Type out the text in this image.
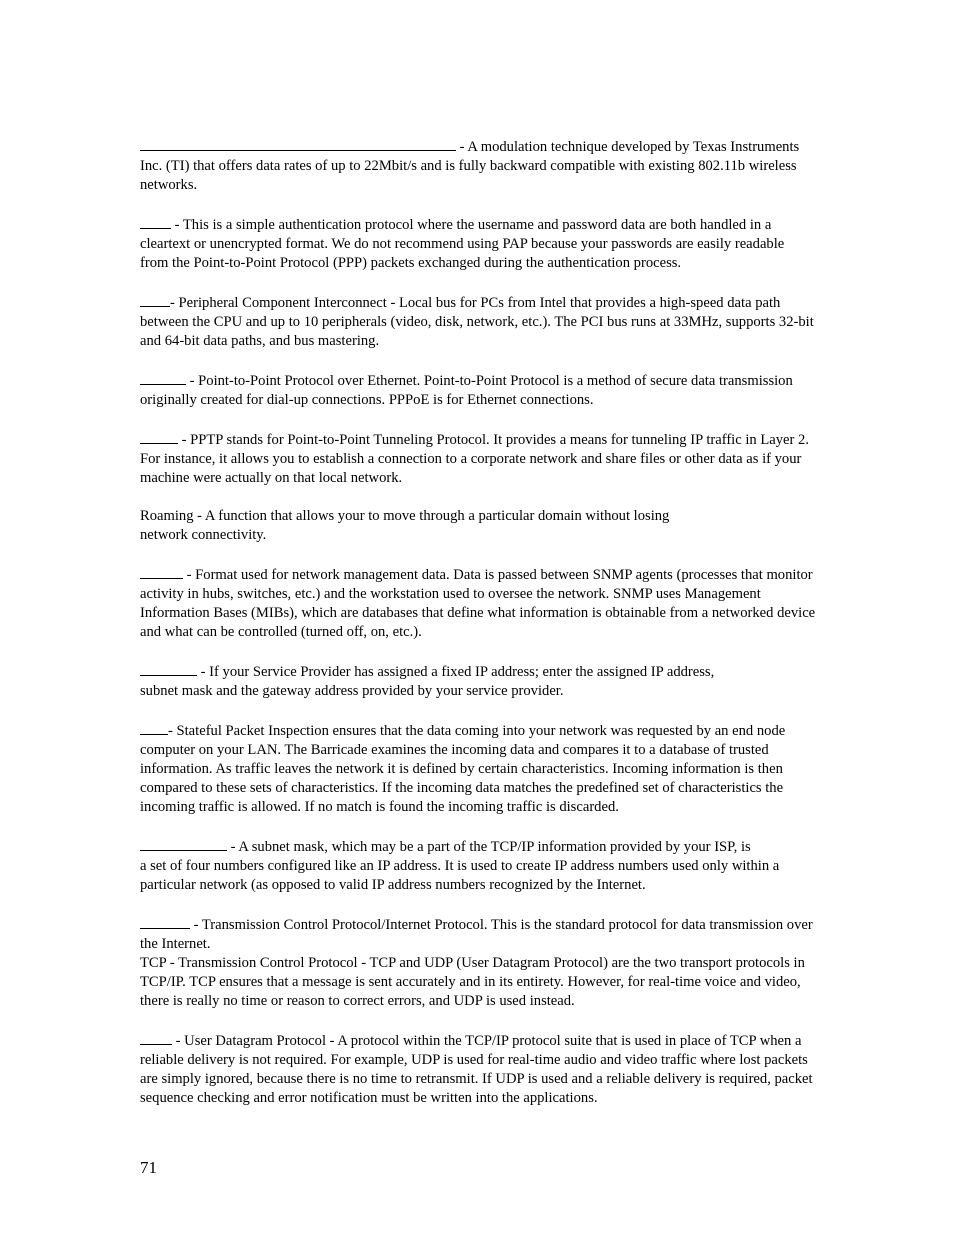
- A modulation technique developed by Texas Instruments Inc. (TI) that offers data rates of up to 22Mbit/s and is fully backward compatible with existing 802.11b wireless networks.

- This is a simple authentication protocol where the username and password data are both handled in a cleartext or unencrypted format. We do not recommend using PAP because your passwords are easily readable from the Point-to-Point Protocol (PPP) packets exchanged during the authentication process.

- Peripheral Component Interconnect - Local bus for PCs from Intel that provides a high-speed data path between the CPU and up to 10 peripherals (video, disk, network, etc.). The PCI bus runs at 33MHz, supports 32-bit and 64-bit data paths, and bus mastering.

- Point-to-Point Protocol over Ethernet. Point-to-Point Protocol is a method of secure data transmission originally created for dial-up connections. PPPoE is for Ethernet connections.

- PPTP stands for Point-to-Point Tunneling Protocol. It provides a means for tunneling IP traffic in Layer 2. For instance, it allows you to establish a connection to a corporate network and share files or other data as if your machine were actually on that local network.

Roaming - A function that allows your to move through a particular domain without losing
network connectivity.

- Format used for network management data. Data is passed between SNMP agents (processes that monitor activity in hubs, switches, etc.) and the workstation used to oversee the network. SNMP uses Management Information Bases (MIBs), which are databases that define what information is obtainable from a networked device and what can be controlled (turned off, on, etc.).

- If your Service Provider has assigned a fixed IP address; enter the assigned IP address,
subnet mask and the gateway address provided by your service provider.

- Stateful Packet Inspection ensures that the data coming into your network was requested by an end node computer on your LAN. The Barricade examines the incoming data and compares it to a database of trusted information. As traffic leaves the network it is defined by certain characteristics. Incoming information is then compared to these sets of characteristics. If the incoming data matches the predefined set of characteristics the incoming traffic is allowed. If no match is found the incoming traffic is discarded.

- A subnet mask, which may be a part of the TCP/IP information provided by your ISP, is
a set of four numbers configured like an IP address. It is used to create IP address numbers used only within a particular network (as opposed to valid IP address numbers recognized by the Internet.

- Transmission Control Protocol/Internet Protocol. This is the standard protocol for data transmission over the Internet.

TCP - Transmission Control Protocol - TCP and UDP (User Datagram Protocol) are the two transport protocols in TCP/IP. TCP ensures that a message is sent accurately and in its entirety. However, for real-time voice and video, there is really no time or reason to correct errors, and UDP is used instead.

- User Datagram Protocol - A protocol within the TCP/IP protocol suite that is used in place of TCP when a reliable delivery is not required. For example, UDP is used for real-time audio and video traffic where lost packets are simply ignored, because there is no time to retransmit. If UDP is used and a reliable delivery is required, packet sequence checking and error notification must be written into the applications.

71
